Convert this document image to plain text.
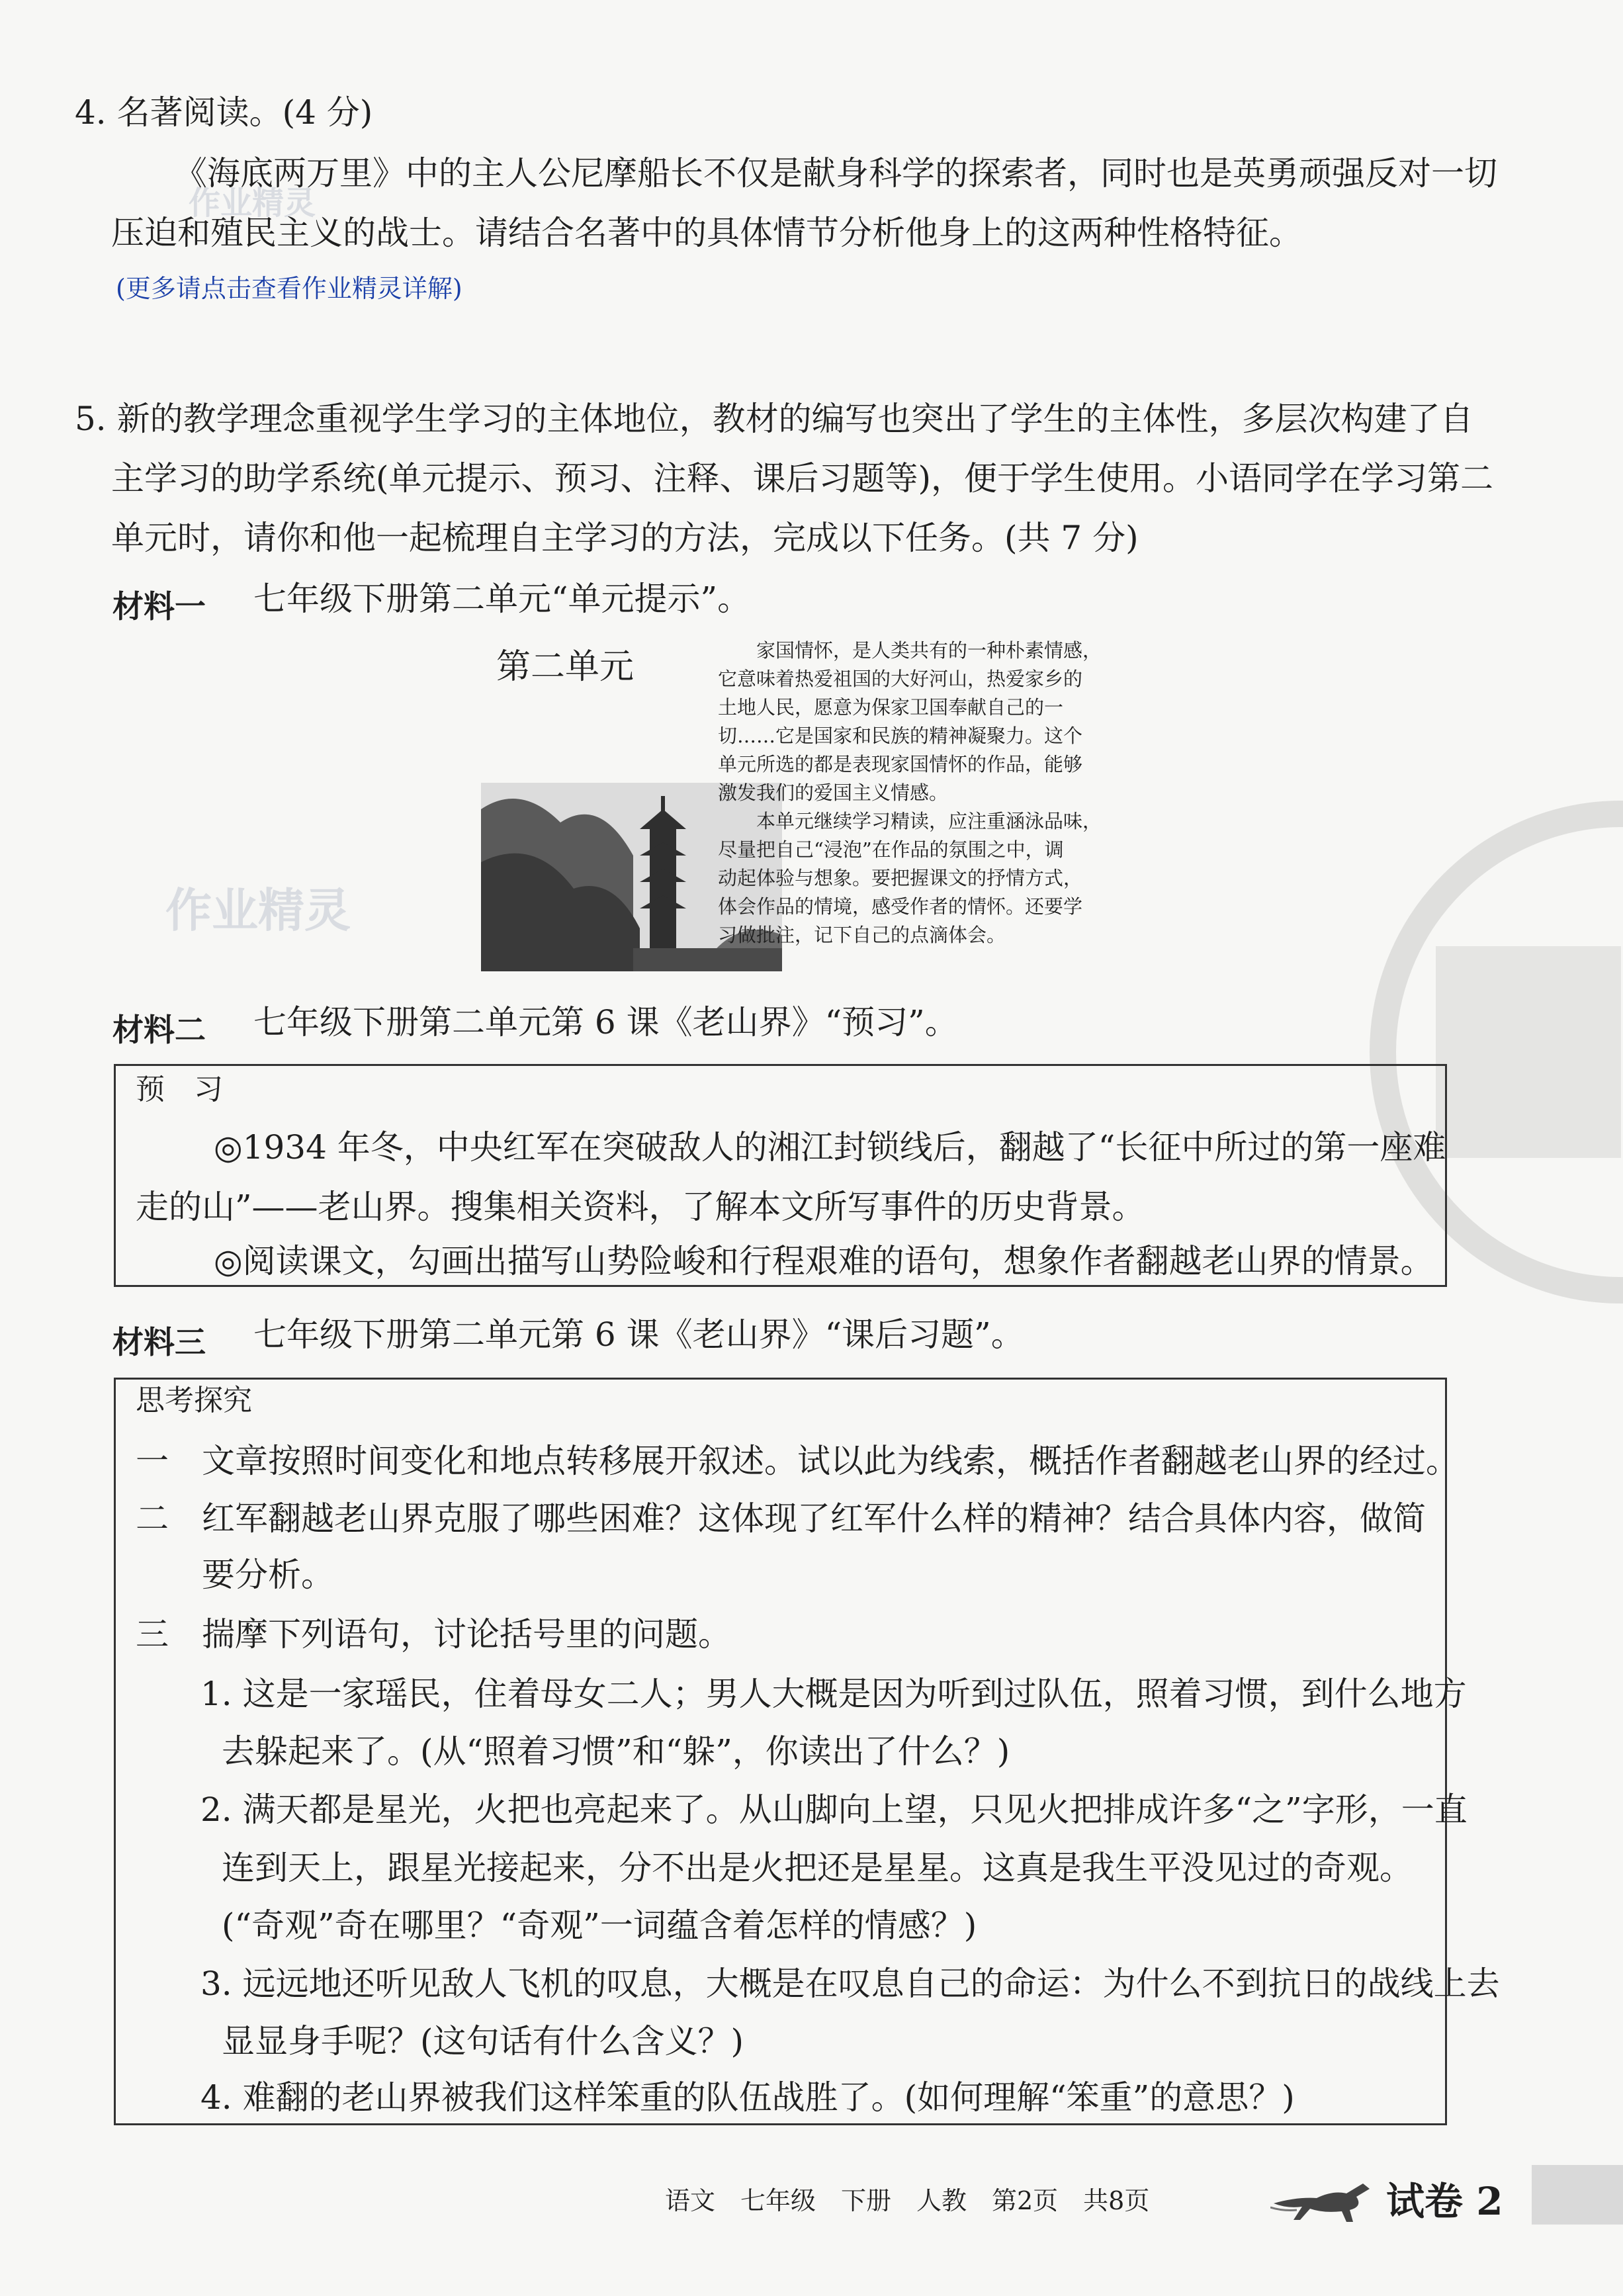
作业精灵
作业精灵
4. 名著阅读。(4 分)
《海底两万里》中的主人公尼摩船长不仅是献身科学的探索者，同时也是英勇顽强反对一切
压迫和殖民主义的战士。请结合名著中的具体情节分析他身上的这两种性格特征。
(更多请点击查看作业精灵详解)
5. 新的教学理念重视学生学习的主体地位，教材的编写也突出了学生的主体性，多层次构建了自
主学习的助学系统(单元提示、预习、注释、课后习题等)，便于学生使用。小语同学在学习第二
单元时，请你和他一起梳理自主学习的方法，完成以下任务。(共 7 分)
材料一 七年级下册第二单元“单元提示”。
第二单元	家国情怀，是人类共有的一种朴素情感，
它意味着热爱祖国的大好河山，热爱家乡的
土地人民，愿意为保家卫国奉献自己的一
切……它是国家和民族的精神凝聚力。这个
单元所选的都是表现家国情怀的作品，能够
激发我们的爱国主义情感。
本单元继续学习精读，应注重涵泳品味，
尽量把自己“浸泡”在作品的氛围之中，调
动起体验与想象。要把握课文的抒情方式，
体会作品的情境，感受作者的情怀。还要学
习做批注，记下自己的点滴体会。
材料二 七年级下册第二单元第 6 课《老山界》“预习”。
预　习
◎1934 年冬，中央红军在突破敌人的湘江封锁线后，翻越了“长征中所过的第一座难
走的山”——老山界。搜集相关资料，了解本文所写事件的历史背景。
◎阅读课文，勾画出描写山势险峻和行程艰难的语句，想象作者翻越老山界的情景。
材料三 七年级下册第二单元第 6 课《老山界》“课后习题”。
思考探究
一 文章按照时间变化和地点转移展开叙述。试以此为线索，概括作者翻越老山界的经过。
二 红军翻越老山界克服了哪些困难？这体现了红军什么样的精神？结合具体内容，做简
要分析。
三 揣摩下列语句，讨论括号里的问题。
1. 这是一家瑶民，住着母女二人；男人大概是因为听到过队伍，照着习惯，到什么地方
去躲起来了。(从“照着习惯”和“躲”，你读出了什么？)
2. 满天都是星光，火把也亮起来了。从山脚向上望，只见火把排成许多“之”字形，一直
连到天上，跟星光接起来，分不出是火把还是星星。这真是我生平没见过的奇观。
(“奇观”奇在哪里？“奇观”一词蕴含着怎样的情感？)
3. 远远地还听见敌人飞机的叹息，大概是在叹息自己的命运：为什么不到抗日的战线上去
显显身手呢？(这句话有什么含义？)
4. 难翻的老山界被我们这样笨重的队伍战胜了。(如何理解“笨重”的意思？)
语文　七年级　下册　人教　第2页　共8页	试卷 2
